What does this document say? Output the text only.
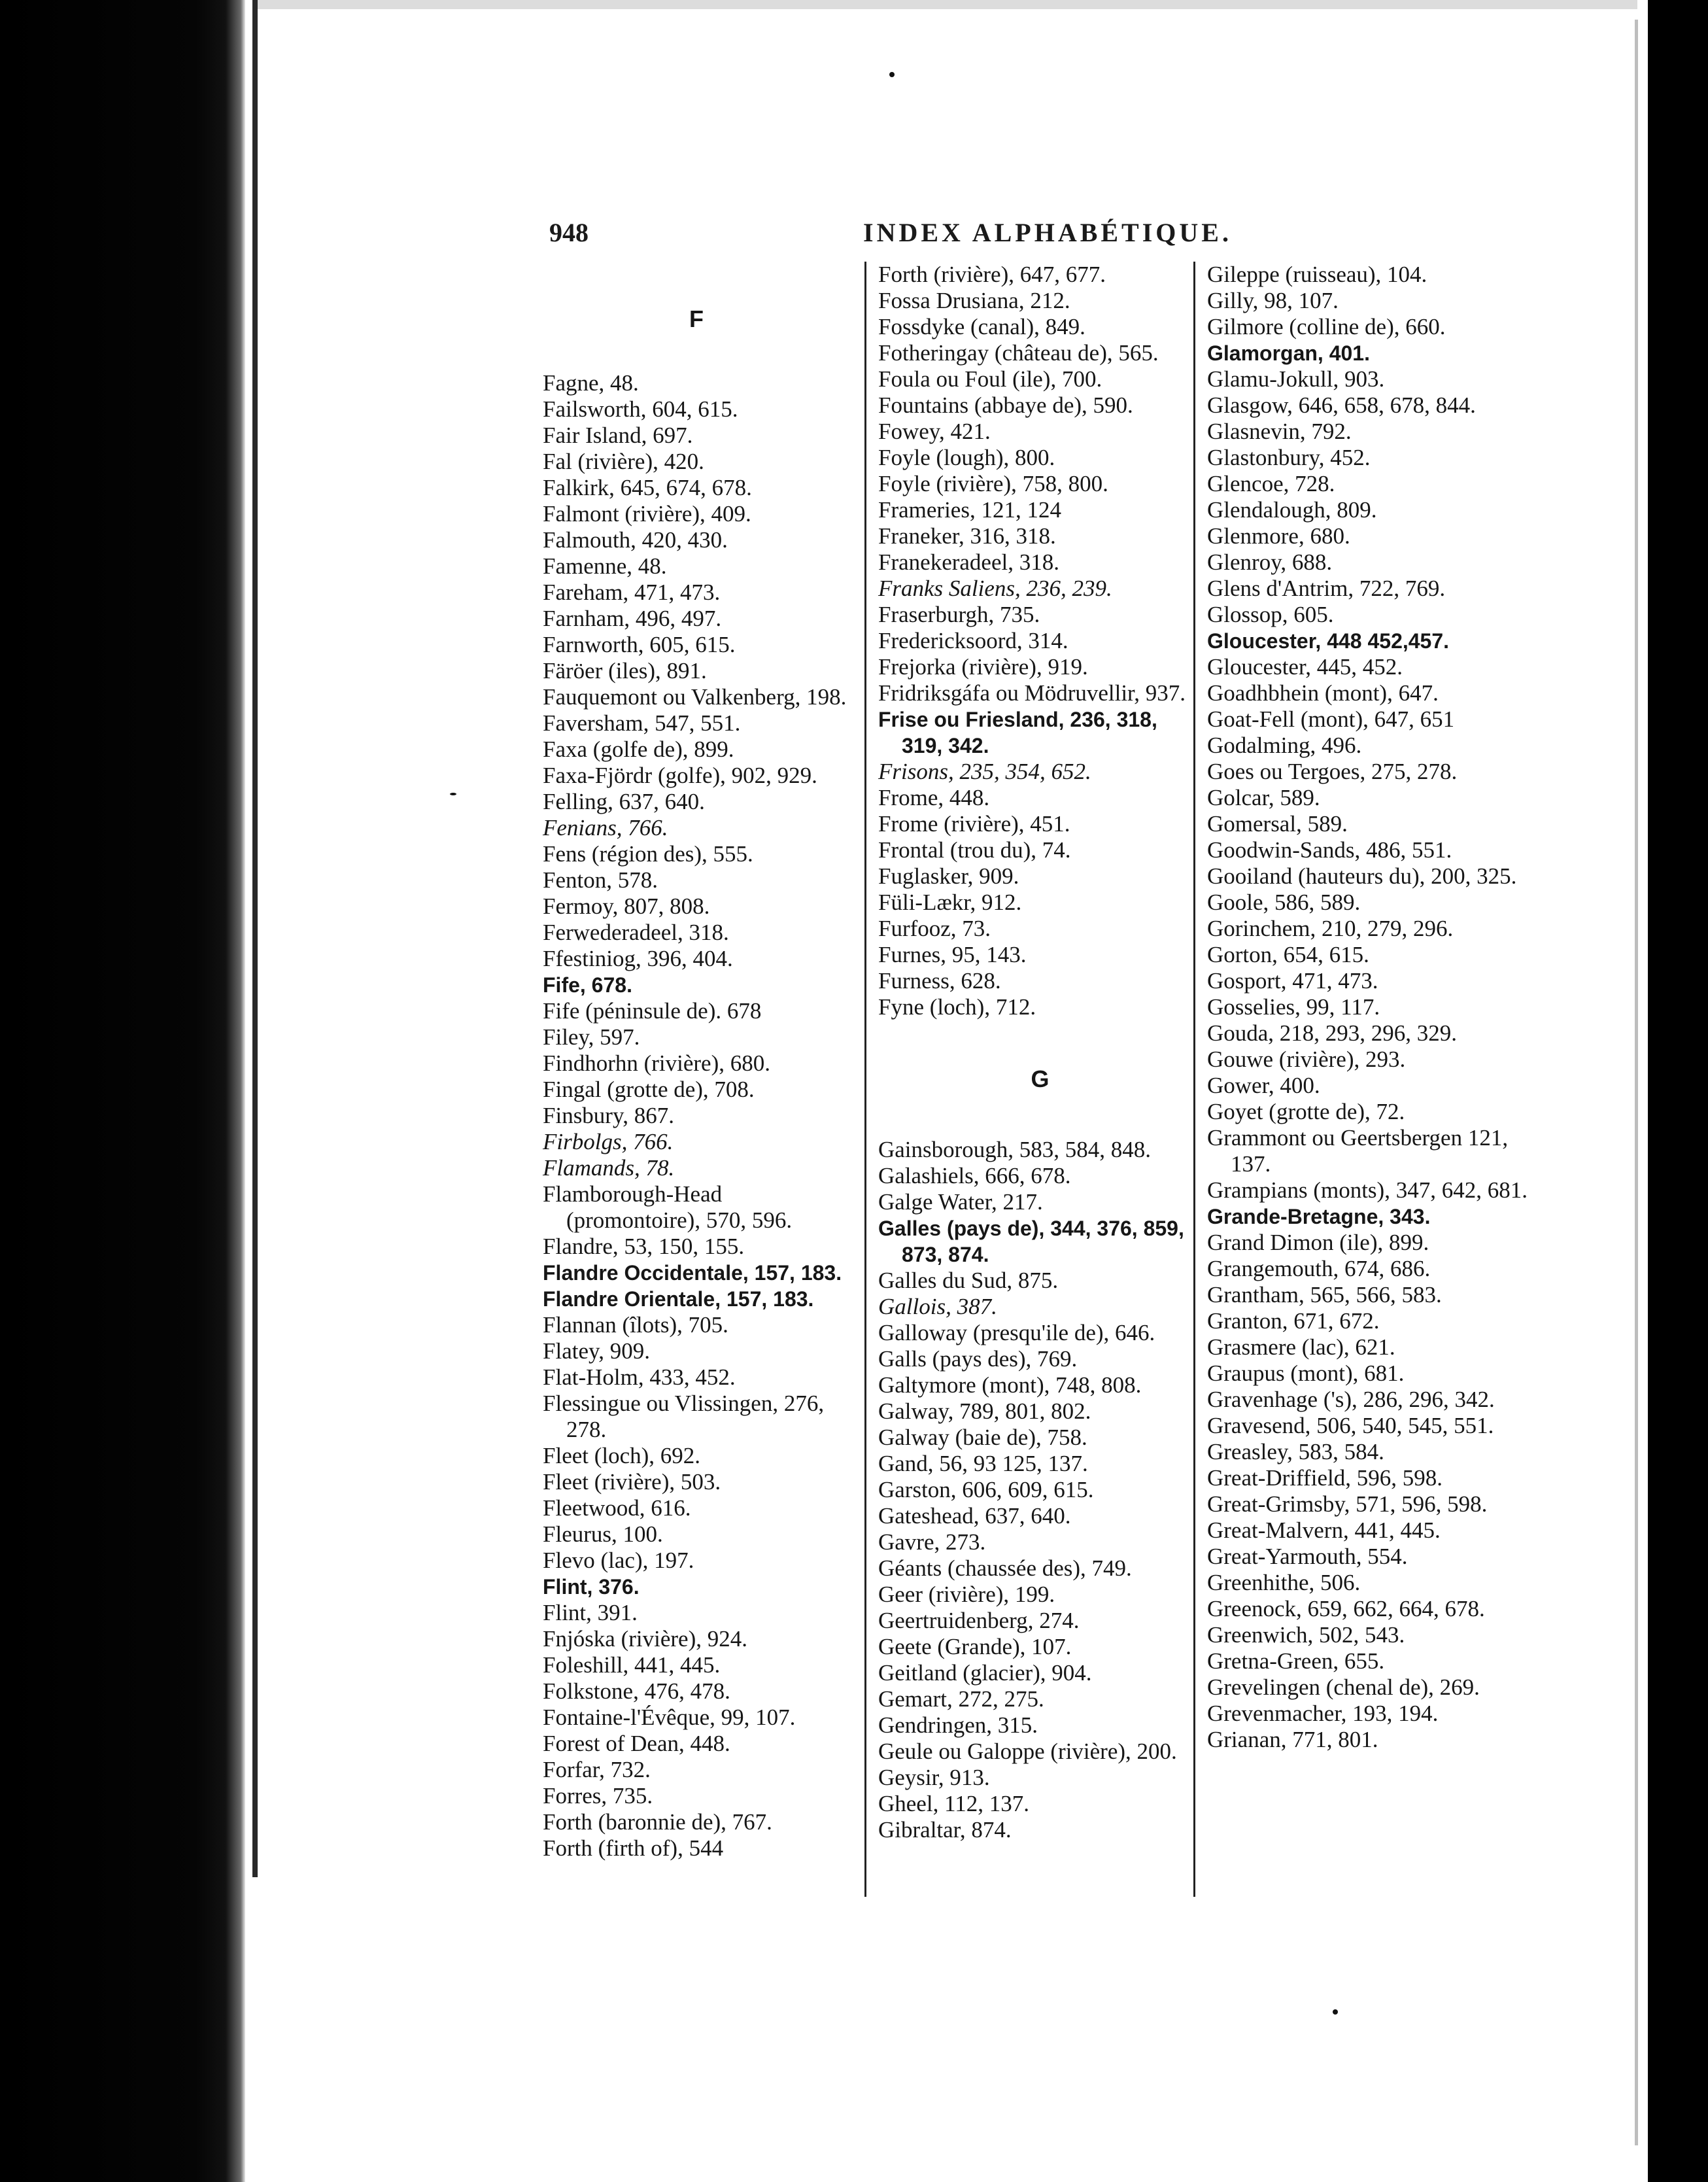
948	INDEX ALPHABÉTIQUE.
F
Fagne, 48.
Failsworth, 604, 615.
Fair Island, 697.
Fal (rivière), 420.
Falkirk, 645, 674, 678.
Falmont (rivière), 409.
Falmouth, 420, 430.
Famenne, 48.
Fareham, 471, 473.
Farnham, 496, 497.
Farnworth, 605, 615.
Färöer (iles), 891.
Fauquemont ou Valkenberg, 198.
Faversham, 547, 551.
Faxa (golfe de), 899.
Faxa-Fjördr (golfe), 902, 929.
Felling, 637, 640.
Fenians, 766.
Fens (région des), 555.
Fenton, 578.
Fermoy, 807, 808.
Ferwederadeel, 318.
Ffestiniog, 396, 404.
Fife, 678.
Fife (péninsule de). 678
Filey, 597.
Findhorhn (rivière), 680.
Fingal (grotte de), 708.
Finsbury, 867.
Firbolgs, 766.
Flamands, 78.
Flamborough-Head (promontoire), 570, 596.
Flandre, 53, 150, 155.
Flandre Occidentale, 157, 183.
Flandre Orientale, 157, 183.
Flannan (îlots), 705.
Flatey, 909.
Flat-Holm, 433, 452.
Flessingue ou Vlissingen, 276, 278.
Fleet (loch), 692.
Fleet (rivière), 503.
Fleetwood, 616.
Fleurus, 100.
Flevo (lac), 197.
Flint, 376.
Flint, 391.
Fnjóska (rivière), 924.
Foleshill, 441, 445.
Folkstone, 476, 478.
Fontaine-l'Évêque, 99, 107.
Forest of Dean, 448.
Forfar, 732.
Forres, 735.
Forth (baronnie de), 767.
Forth (firth of), 544
Forth (rivière), 647, 677.
Fossa Drusiana, 212.
Fossdyke (canal), 849.
Fotheringay (château de), 565.
Foula ou Foul (ile), 700.
Fountains (abbaye de), 590.
Fowey, 421.
Foyle (lough), 800.
Foyle (rivière), 758, 800.
Frameries, 121, 124
Franeker, 316, 318.
Franekeradeel, 318.
Franks Saliens, 236, 239.
Fraserburgh, 735.
Fredericksoord, 314.
Frejorka (rivière), 919.
Fridriksgáfa ou Mödruvellir, 937.
Frise ou Friesland, 236, 318, 319, 342.
Frisons, 235, 354, 652.
Frome, 448.
Frome (rivière), 451.
Frontal (trou du), 74.
Fuglasker, 909.
Füli-Lækr, 912.
Furfooz, 73.
Furnes, 95, 143.
Furness, 628.
Fyne (loch), 712.
G
Gainsborough, 583, 584, 848.
Galashiels, 666, 678.
Galge Water, 217.
Galles (pays de), 344, 376, 859, 873, 874.
Galles du Sud, 875.
Gallois, 387.
Galloway (presqu'ile de), 646.
Galls (pays des), 769.
Galtymore (mont), 748, 808.
Galway, 789, 801, 802.
Galway (baie de), 758.
Gand, 56, 93 125, 137.
Garston, 606, 609, 615.
Gateshead, 637, 640.
Gavre, 273.
Géants (chaussée des), 749.
Geer (rivière), 199.
Geertruidenberg, 274.
Geete (Grande), 107.
Geitland (glacier), 904.
Gemart, 272, 275.
Gendringen, 315.
Geule ou Galoppe (rivière), 200.
Geysir, 913.
Gheel, 112, 137.
Gibraltar, 874.
Gileppe (ruisseau), 104.
Gilly, 98, 107.
Gilmore (colline de), 660.
Glamorgan, 401.
Glamu-Jokull, 903.
Glasgow, 646, 658, 678, 844.
Glasnevin, 792.
Glastonbury, 452.
Glencoe, 728.
Glendalough, 809.
Glenmore, 680.
Glenroy, 688.
Glens d'Antrim, 722, 769.
Glossop, 605.
Gloucester, 448 452,457.
Gloucester, 445, 452.
Goadhbhein (mont), 647.
Goat-Fell (mont), 647, 651
Godalming, 496.
Goes ou Tergoes, 275, 278.
Golcar, 589.
Gomersal, 589.
Goodwin-Sands, 486, 551.
Gooiland (hauteurs du), 200, 325.
Goole, 586, 589.
Gorinchem, 210, 279, 296.
Gorton, 654, 615.
Gosport, 471, 473.
Gosselies, 99, 117.
Gouda, 218, 293, 296, 329.
Gouwe (rivière), 293.
Gower, 400.
Goyet (grotte de), 72.
Grammont ou Geertsbergen 121, 137.
Grampians (monts), 347, 642, 681.
Grande-Bretagne, 343.
Grand Dimon (ile), 899.
Grangemouth, 674, 686.
Grantham, 565, 566, 583.
Granton, 671, 672.
Grasmere (lac), 621.
Graupus (mont), 681.
Gravenhage ('s), 286, 296, 342.
Gravesend, 506, 540, 545, 551.
Greasley, 583, 584.
Great-Driffield, 596, 598.
Great-Grimsby, 571, 596, 598.
Great-Malvern, 441, 445.
Great-Yarmouth, 554.
Greenhithe, 506.
Greenock, 659, 662, 664, 678.
Greenwich, 502, 543.
Gretna-Green, 655.
Grevelingen (chenal de), 269.
Grevenmacher, 193, 194.
Grianan, 771, 801.
